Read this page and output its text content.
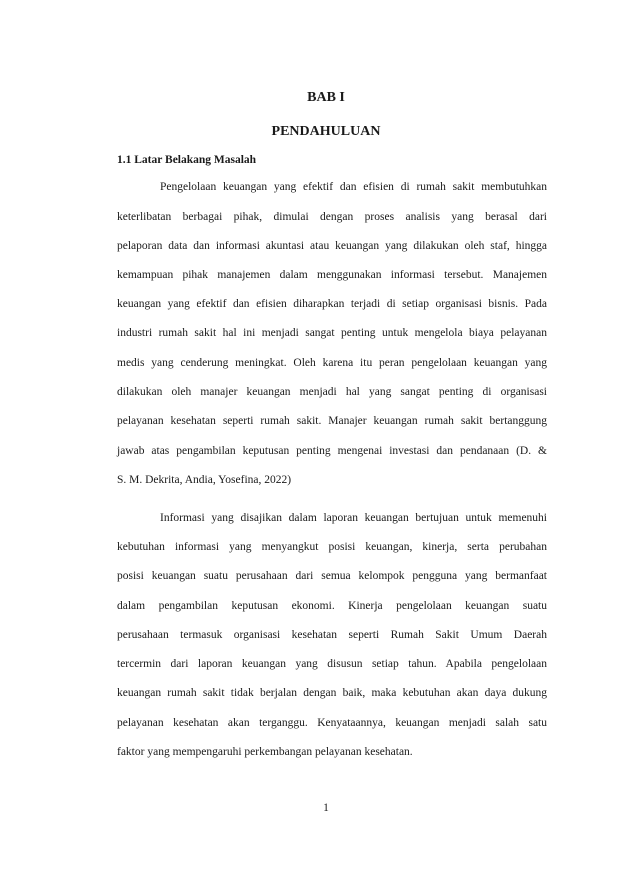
BAB I
PENDAHULUAN
1.1 Latar Belakang Masalah
Pengelolaan keuangan yang efektif dan efisien di rumah sakit membutuhkan
keterlibatan berbagai pihak, dimulai dengan proses analisis yang berasal dari
pelaporan data dan informasi akuntasi atau keuangan yang dilakukan oleh staf, hingga
kemampuan pihak manajemen dalam menggunakan informasi tersebut. Manajemen
keuangan yang efektif dan efisien diharapkan terjadi di setiap organisasi bisnis. Pada
industri rumah sakit hal ini menjadi sangat penting untuk mengelola biaya pelayanan
medis yang cenderung meningkat. Oleh karena itu peran pengelolaan keuangan yang
dilakukan oleh manajer keuangan menjadi hal yang sangat penting di organisasi
pelayanan kesehatan seperti rumah sakit. Manajer keuangan rumah sakit bertanggung
jawab atas pengambilan keputusan penting mengenai investasi dan pendanaan (D. &
S. M. Dekrita, Andia, Yosefina, 2022)
Informasi yang disajikan dalam laporan keuangan bertujuan untuk memenuhi
kebutuhan informasi yang menyangkut posisi keuangan, kinerja, serta perubahan
posisi keuangan suatu perusahaan dari semua kelompok pengguna yang bermanfaat
dalam pengambilan keputusan ekonomi. Kinerja pengelolaan keuangan suatu
perusahaan termasuk organisasi kesehatan seperti Rumah Sakit Umum Daerah
tercermin dari laporan keuangan yang disusun setiap tahun. Apabila pengelolaan
keuangan rumah sakit tidak berjalan dengan baik, maka kebutuhan akan daya dukung
pelayanan kesehatan akan terganggu. Kenyataannya, keuangan menjadi salah satu
faktor yang mempengaruhi perkembangan pelayanan kesehatan.
1
